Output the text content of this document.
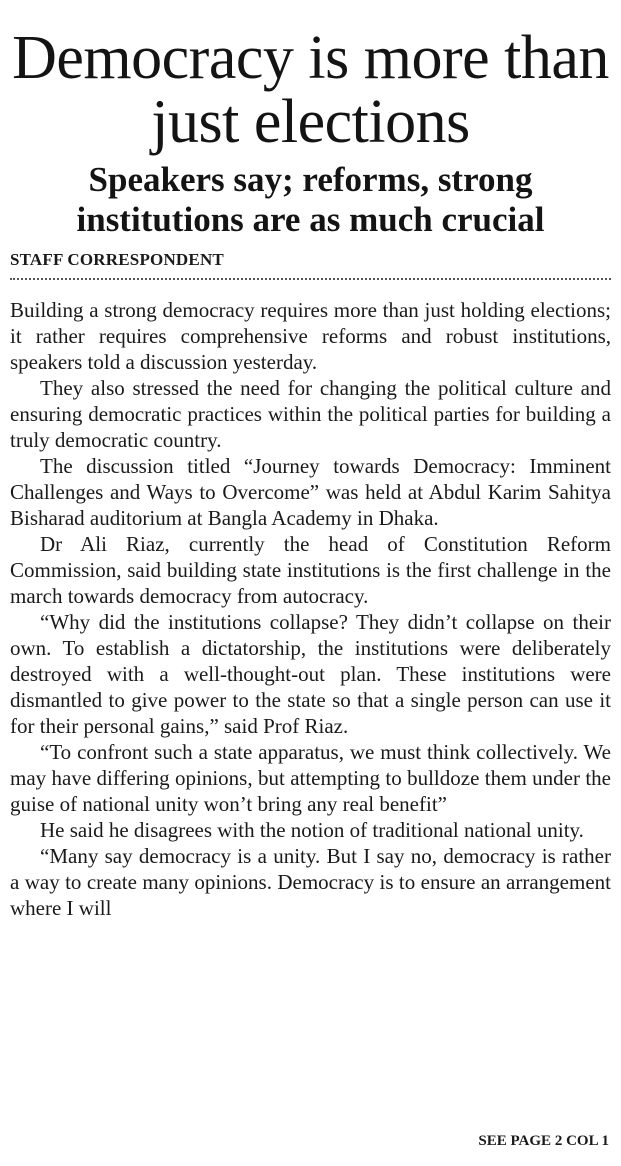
Democracy is more than just elections
Speakers say; reforms, strong institutions are as much crucial
STAFF CORRESPONDENT

Building a strong democracy requires more than just holding elections; it rather requires comprehensive reforms and robust institutions, speakers told a discussion yesterday.

They also stressed the need for changing the political culture and ensuring democratic practices within the political parties for building a truly democratic country.

The discussion titled “Journey towards Democracy: Imminent Challenges and Ways to Overcome” was held at Abdul Karim Sahitya Bisharad auditorium at Bangla Academy in Dhaka.

Dr Ali Riaz, currently the head of Constitution Reform Commission, said building state institutions is the first challenge in the march towards democracy from autocracy.

“Why did the institutions collapse? They didn’t collapse on their own. To establish a dictatorship, the institutions were deliberately destroyed with a well-thought-out plan. These institutions were dismantled to give power to the state so that a single person can use it for their personal gains,” said Prof Riaz.

“To confront such a state apparatus, we must think collectively. We may have differing opinions, but attempting to bulldoze them under the guise of national unity won’t bring any real benefit”

He said he disagrees with the notion of traditional national unity.

“Many say democracy is a unity. But I say no, democracy is rather a way to create many opinions. Democracy is to ensure an arrangement where I will

SEE PAGE 2 COL 1
